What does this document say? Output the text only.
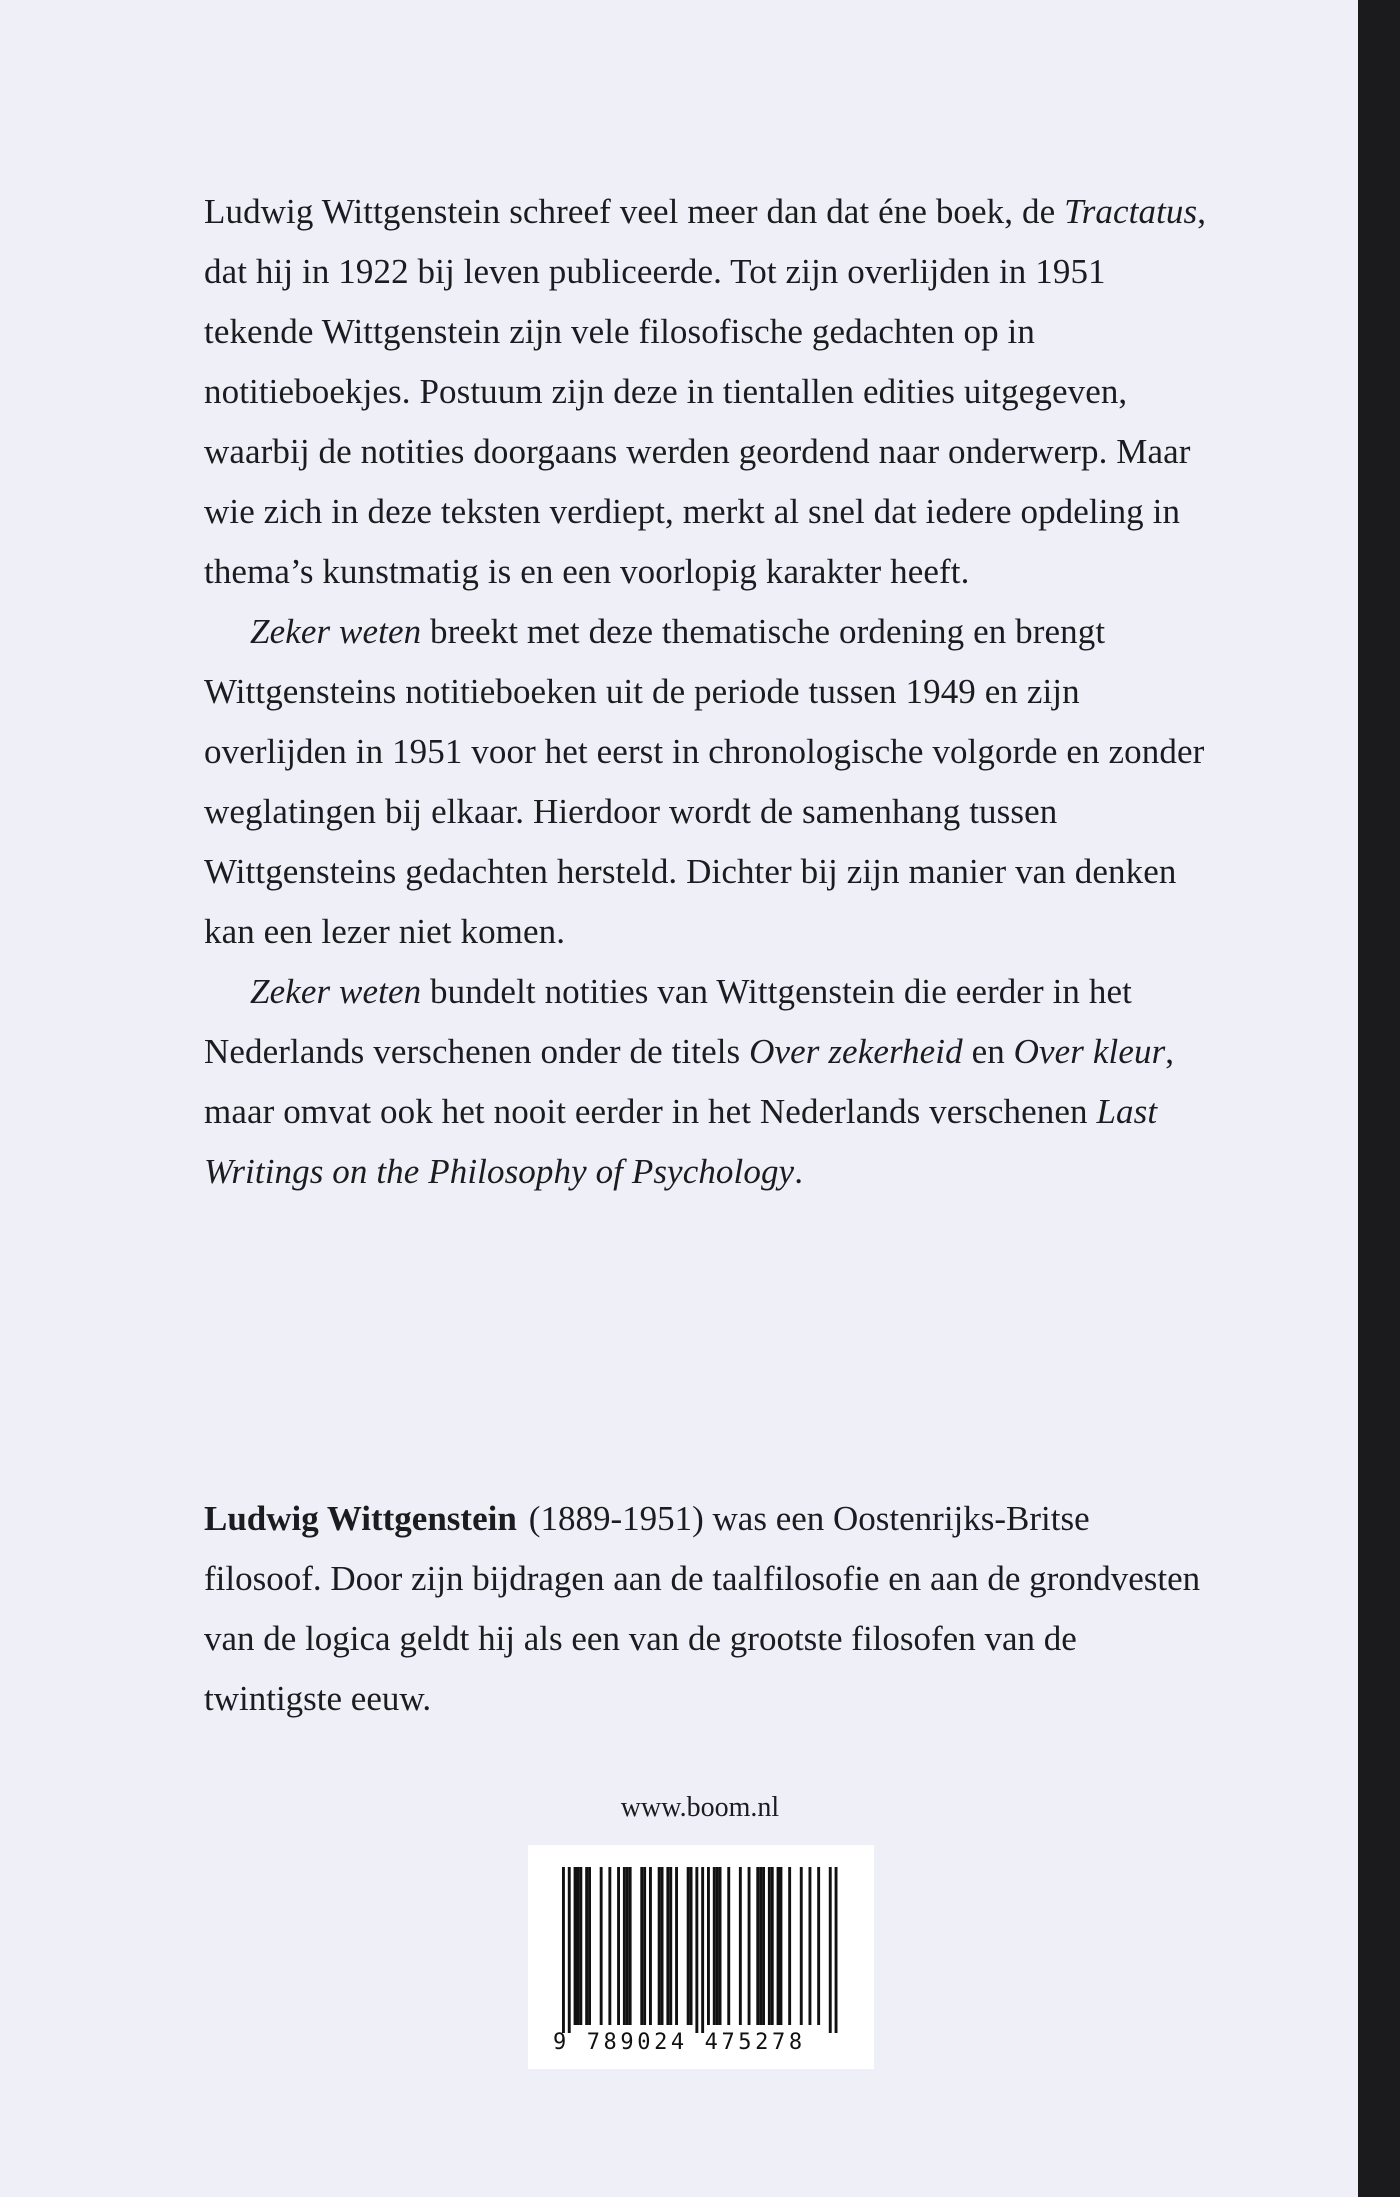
Ludwig Wittgenstein schreef veel meer dan dat éne boek, de Tractatus, dat hij in 1922 bij leven publiceerde. Tot zijn overlijden in 1951 tekende Wittgenstein zijn vele filosofische gedachten op in notitieboekjes. Postuum zijn deze in tientallen edities uitgegeven, waarbij de notities doorgaans werden geordend naar onderwerp. Maar wie zich in deze teksten verdiept, merkt al snel dat iedere opdeling in thema’s kunstmatig is en een voorlopig karakter heeft.

Zeker weten breekt met deze thematische ordening en brengt Wittgensteins notitieboeken uit de periode tussen 1949 en zijn overlijden in 1951 voor het eerst in chronologische volgorde en zonder weglatingen bij elkaar. Hierdoor wordt de samenhang tussen Wittgensteins gedachten hersteld. Dichter bij zijn manier van denken kan een lezer niet komen.

Zeker weten bundelt notities van Wittgenstein die eerder in het Nederlands verschenen onder de titels Over zekerheid en Over kleur, maar omvat ook het nooit eerder in het Nederlands verschenen Last Writings on the Philosophy of Psychology.

Ludwig Wittgenstein (1889-1951) was een Oostenrijks-Britse filosoof. Door zijn bijdragen aan de taalfilosofie en aan de grondvesten van de logica geldt hij als een van de grootste filosofen van de twintigste eeuw.

www.boom.nl
9 789024 475278
